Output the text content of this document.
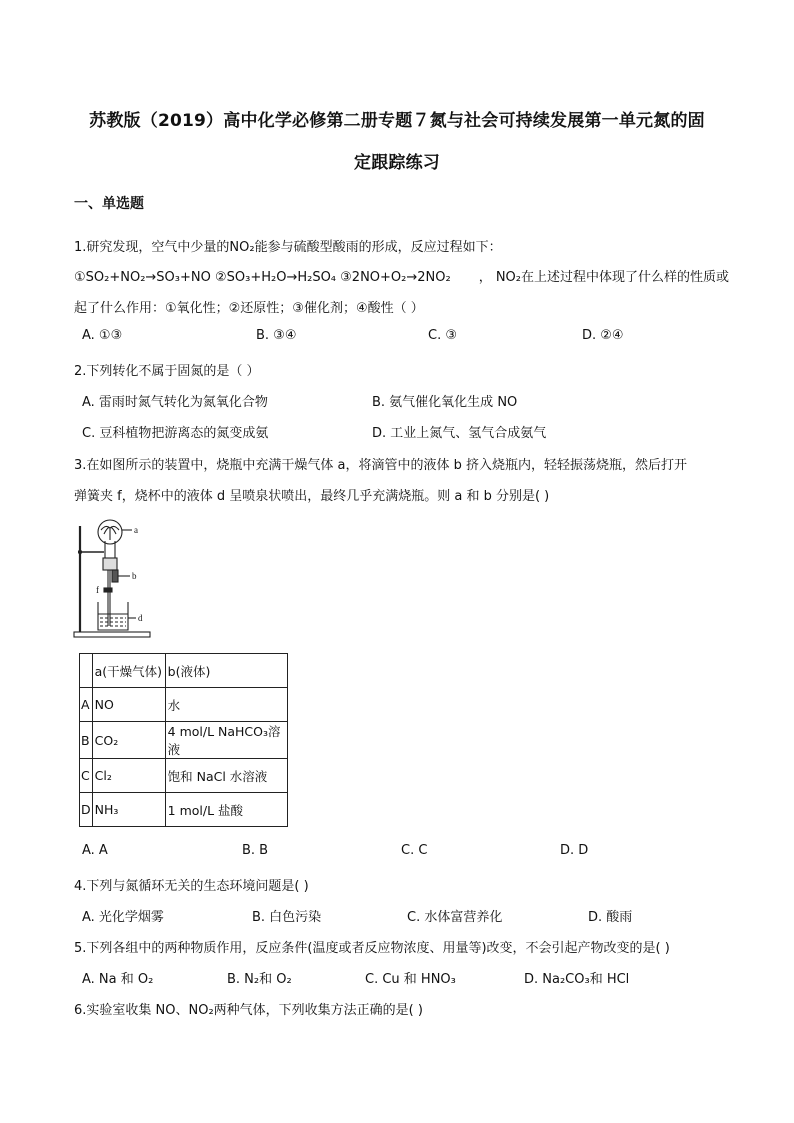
苏教版（2019）高中化学必修第二册专题７氮与社会可持续发展第一单元氮的固
定跟踪练习
一、单选题
1.研究发现，空气中少量的NO₂能参与硫酸型酸雨的形成，反应过程如下：
①SO₂+NO₂→SO₃+NO ②SO₃+H₂O→H₂SO₄ ③2NO+O₂→2NO₂ ， NO₂在上述过程中体现了什么样的性质或
起了什么作用：①氧化性；②还原性；③催化剂；④酸性（ ）
A. ①③	B. ③④	C. ③	D. ②④
2.下列转化不属于固氮的是（ ）
A. 雷雨时氮气转化为氮氧化合物	B. 氨气催化氧化生成 NO
C. 豆科植物把游离态的氮变成氨	D. 工业上氮气、氢气合成氨气
3.在如图所示的装置中，烧瓶中充满干燥气体 a，将滴管中的液体 b 挤入烧瓶内，轻轻振荡烧瓶，然后打开
弹簧夹 f，烧杯中的液体 d 呈喷泉状喷出，最终几乎充满烧瓶。则 a 和 b 分别是( )
a
b
f
d
	a(干燥气体)	b(液体)
A	NO	水
B	CO₂	4 mol/L NaHCO₃溶液
C	Cl₂	饱和 NaCl 水溶液
D	NH₃	1 mol/L 盐酸
A. A	B. B	C. C	D. D
4.下列与氮循环无关的生态环境问题是( )
A. 光化学烟雾	B. 白色污染	C. 水体富营养化	D. 酸雨
5.下列各组中的两种物质作用，反应条件(温度或者反应物浓度、用量等)改变，不会引起产物改变的是( )
A. Na 和 O₂	B. N₂和 O₂	C. Cu 和 HNO₃	D. Na₂CO₃和 HCl
6.实验室收集 NO、NO₂两种气体，下列收集方法正确的是( )
